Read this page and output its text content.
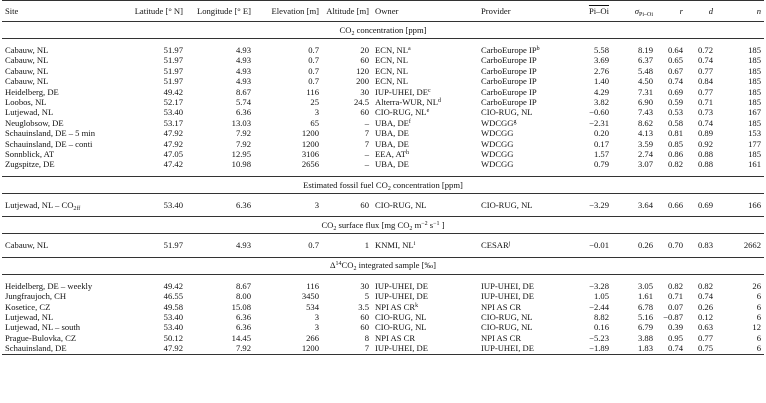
Site	Latitude [° N]	Longitude [° E]	Elevation [m]	Altitude [m]	Owner	Provider	Pi–Oi	$\sigma_{Pi-Oi}$	r	d	n
$CO_2$ concentration [ppm]											

Cabauw, NL	51.97	4.93	0.7	20	ECN, $NL^a$	CarboEurope $IP^b$	5.58	8.19	0.64	0.72	185
Cabauw, NL	51.97	4.93	0.7	60	ECN, NL	CarboEurope IP	3.69	6.37	0.65	0.74	185
Cabauw, NL	51.97	4.93	0.7	120	ECN, NL	CarboEurope IP	2.76	5.48	0.67	0.77	185
Cabauw, NL	51.97	4.93	0.7	200	ECN, NL	CarboEurope IP	1.40	4.50	0.74	0.84	185
Heidelberg, DE	49.42	8.67	116	30	IUP-UHEI, $DE^c$	CarboEurope IP	4.29	7.31	0.69	0.77	185
Loobos, NL	52.17	5.74	25	24.5	Alterra-WUR, $NL^d$	CarboEurope IP	3.82	6.90	0.59	0.71	185
Lutjewad, NL	53.40	6.36	3	60	CIO-RUG, $NL^e$	CIO-RUG, NL	−0.60	7.43	0.53	0.73	167
Neuglobsow, DE	53.17	13.03	65	–	UBA, $DE^f$	$WDCGG^g$	−2.31	8.62	0.58	0.74	185
Schauinsland, DE – 5 min	47.92	7.92	1200	7	UBA, DE	WDCGG	0.20	4.13	0.81	0.89	153
Schauinsland, DE – conti	47.92	7.92	1200	7	UBA, DE	WDCGG	0.17	3.59	0.85	0.92	177
Sonnblick, AT	47.05	12.95	3106	–	EEA, $AT^h$	WDCGG	1.57	2.74	0.86	0.88	185
Zugspitze, DE	47.42	10.98	2656	–	UBA, DE	WDCGG	0.79	3.07	0.82	0.88	161

Estimated fossil fuel $CO_2$ concentration [ppm]											

Lutjewad, NL – $CO_{2ff}$	53.40	6.36	3	60	CIO-RUG, NL	CIO-RUG, NL	−3.29	3.64	0.66	0.69	166

$CO_2$ surface flux [mg $CO_2$ $m^{-2}$ $s^{-1}$ ]											

Cabauw, NL	51.97	4.93	0.7	1	KNMI, $NL^i$	$CESAR^j$	−0.01	0.26	0.70	0.83	2662

$\Delta^{14}CO_2$ integrated sample [‰]											

Heidelberg, DE – weekly	49.42	8.67	116	30	IUP-UHEI, DE	IUP-UHEI, DE	−3.28	3.05	0.82	0.82	26
Jungfraujoch, CH	46.55	8.00	3450	5	IUP-UHEI, DE	IUP-UHEI, DE	1.05	1.61	0.71	0.74	6
Kosetice, CZ	49.58	15.08	534	3.5	NPI AS $CR^k$	NPI AS CR	−2.44	6.78	0.07	0.26	6
Lutjewad, NL	53.40	6.36	3	60	CIO-RUG, NL	CIO-RUG, NL	8.82	5.16	−0.87	0.12	6
Lutjewad, NL – south	53.40	6.36	3	60	CIO-RUG, NL	CIO-RUG, NL	0.16	6.79	0.39	0.63	12
Prague-Bulovka, CZ	50.12	14.45	266	8	NPI AS CR	NPI AS CR	−5.23	3.88	0.95	0.77	6
Schauinsland, DE	47.92	7.92	1200	7	IUP-UHEI, DE	IUP-UHEI, DE	−1.89	1.83	0.74	0.75	6
